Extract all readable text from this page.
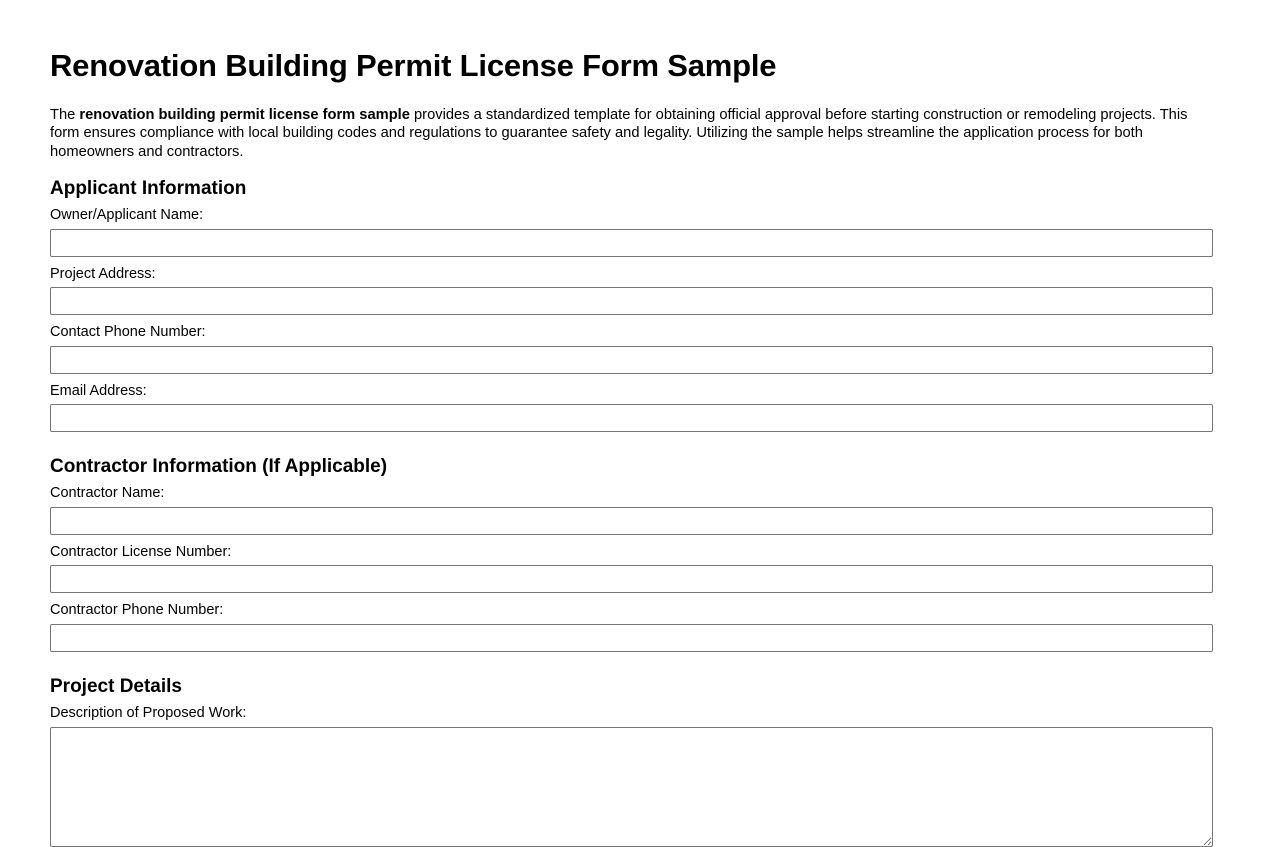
Renovation Building Permit License Form Sample

The renovation building permit license form sample provides a standardized template for obtaining official approval before starting construction or remodeling projects. This form ensures compliance with local building codes and regulations to guarantee safety and legality. Utilizing the sample helps streamline the application process for both homeowners and contractors.

Applicant Information
Owner/Applicant Name:
Project Address:
Contact Phone Number:
Email Address:
Contractor Information (If Applicable)
Contractor Name:
Contractor License Number:
Contractor Phone Number:
Project Details
Description of Proposed Work:
